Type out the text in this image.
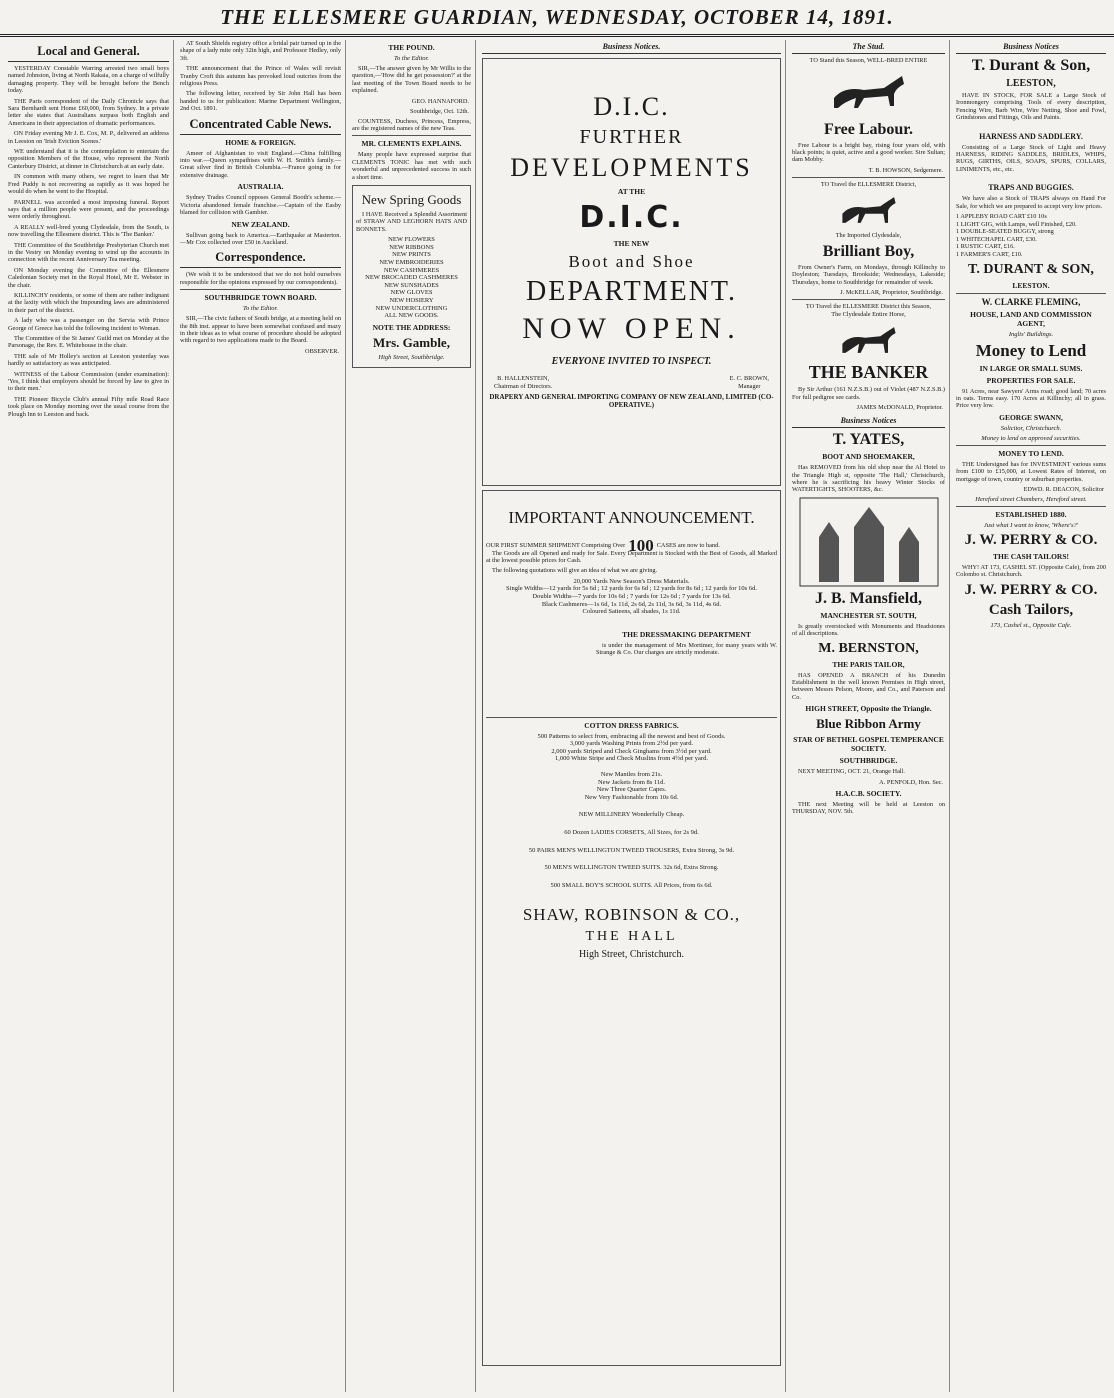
THE ELLESMERE GUARDIAN, WEDNESDAY, OCTOBER 14, 1891.
Local and General.

YESTERDAY Constable Warring arrested two small boys named Johnston, living at North Rakaia, on a charge of wilfully damaging property. They will be brought before the Bench today.

THE Paris correspondent of the Daily Chronicle says that Sara Bernhardt sent Home £60,000, from Sydney. In a private letter she states that Australians surpass both English and Americans in their appreciation of dramatic performances.

ON Friday evening Mr J. E. Cox, M. P., delivered an address in Leeston on 'Irish Eviction Scenes.'

WE understand that it is the contemplation to entertain the opposition Members of the House, who represent the North Canterbury District, at dinner in Christchurch at an early date.

IN common with many others, we regret to learn that Mr Fred Puddy is not recovering as rapidly as it was hoped he would do when he went to the Hospital.

PARNELL was accorded a most imposing funeral. Report says that a million people were present, and the proceedings were orderly throughout.

A REALLY well-bred young Clydesdale, from the South, is now travelling the Ellesmere district. This is 'The Banker.'

THE Committee of the Southbridge Presbyterian Church met in the Vestry on Monday evening to wind up the accounts in connection with the recent Anniversary Tea meeting.

ON Monday evening the Committee of the Ellesmere Caledonian Society met in the Royal Hotel, Mr E. Webster in the chair.

KILLINCHY residents, or some of them are rather indignant at the laxity with which the Impounding laws are administered in their part of the district.

A lady who was a passenger on the Servia with Prince George of Greece has told the following incident to Woman.

The Committee of the St James' Guild met on Monday at the Parsonage, the Rev. E. Whitehouse in the chair.

THE sale of Mr Holley's section at Leeston yesterday was hardly so satisfactory as was anticipated.

WITNESS of the Labour Commission (under examination): 'Yes, I think that employers should be forced by law to give in to their men.'

THE Pioneer Bicycle Club's annual Fifty mile Road Race took place on Monday morning over the usual course from the Plough Inn to Leeston and back.

AT South Shields registry office a bridal pair turned up in the shape of a lady mite only 32in high, and Professor Hedley, only 3ft.

THE announcement that the Prince of Wales will revisit Tranby Croft this autumn has provoked loud outcries from the religious Press.

The following letter, received by Sir John Hall has been handed to us for publication: Marine Department Wellington, 2nd Oct. 1891.

Concentrated Cable News.
HOME & FOREIGN.

Ameer of Afghanistan to visit England.—China fulfilling into war.—Queen sympathises with W. H. Smith's family.—Great silver find in British Columbia.—France going in for extensive drainage.

AUSTRALIA.

Sydney Trades Council opposes General Booth's scheme.—Victoria abandoned female franchise.—Captain of the Easby blamed for collision with Gambier.

NEW ZEALAND.

Sullivan going back to America.—Earthquake at Masterton.—Mr Cox collected over £50 in Auckland.

Correspondence.

(We wish it to be understood that we do not hold ourselves responsible for the opinions expressed by our correspondents).

SOUTHBRIDGE TOWN BOARD.
To the Editor.

SIR,—The civic fathers of South bridge, at a meeting held on the 8th inst. appear to have been somewhat confused and mazy in their ideas as to what course of procedure should be adopted with regard to two applications made to the Board.

OBSERVER.
THE POUND.
To the Editor.

SIR,—The answer given by Mr Willis to the question,—'How did he get possession?' at the last meeting of the Town Board needs to be explained.

GEO. HANNAFORD.
Southbridge, Oct. 12th.

COUNTESS, Duchess, Princess, Empress, are the registered names of the new Teas.

MR. CLEMENTS EXPLAINS.

Many people have expressed surprise that CLEMENTS TONIC has met with such wonderful and unprecedented success in such a short time.

New Spring Goods

I HAVE Received a Splendid Assortment of STRAW AND LEGHORN HATS AND BONNETS.

NEW FLOWERS
NEW RIBBONS
NEW PRINTS
NEW EMBROIDERIES
NEW CASHMERES
NEW BROCADED CASHMERES
NEW SUNSHADES
NEW GLOVES
NEW HOSIERY
NEW UNDERCLOTHING
ALL NEW GOODS.
NOTE THE ADDRESS:
Mrs. Gamble,
High Street, Southbridge.
Business Notices.
D.I.C.
FURTHER
DEVELOPMENTS
AT THE
D.I.C.
THE NEW
Boot and Shoe
DEPARTMENT.
NOW OPEN.
EVERYONE INVITED TO INSPECT.
B. HALLENSTEIN,
Chairman of Directors.
E. C. BROWN,
Manager
DRAPERY AND GENERAL IMPORTING COMPANY OF NEW ZEALAND, LIMITED (CO-OPERATIVE.)
IMPORTANT ANNOUNCEMENT.
OUR FIRST SUMMER SHIPMENT Comprising Over 100 CASES are now to hand.

The Goods are all Opened and ready for Sale. Every Department is Stocked with the Best of Goods, all Marked at the lowest possible prices for Cash.

The following quotations will give an idea of what we are giving.

20,000 Yards New Season's Dress Materials.
Single Widths—12 yards for 5s 6d ; 12 yards for 6s 6d ; 12 yards for 8s 6d ; 12 yards for 10s 6d.
Double Widths—7 yards for 10s 6d ; 7 yards for 12s 6d ; 7 yards for 13s 6d.
Black Cashmeres—1s 6d, 1s 11d, 2s 6d, 2s 11d, 3s 6d, 3s 11d, 4s 6d.
Coloured Satteens, all shades, 1s 11d.
THE DRESSMAKING DEPARTMENT

is under the management of Mrs Mortimer, for many years with W. Strange & Co. Our charges are strictly moderate.

COTTON DRESS FABRICS.
500 Patterns to select from, embracing all the newest and best of Goods.
3,000 yards Washing Prints from 2½d per yard.
2,000 yards Striped and Check Ginghams from 3½d per yard.
1,000 White Stripe and Check Muslins from 4½d per yard.
New Mantles from 21s.
New Jackets from 8s 11d.
New Three Quarter Capes.
New Very Fashionable from 10s 6d.
NEW MILLINERY Wonderfully Cheap.
60 Dozen LADIES CORSETS, All Sizes, for 2s 9d.
50 PAIRS MEN'S WELLINGTON TWEED TROUSERS, Extra Strong, 3s 9d.
50 MEN'S WELLINGTON TWEED SUITS. 32s 6d, Extra Strong.
500 SMALL BOY'S SCHOOL SUITS. All Prices, from 6s 6d.
SHAW, ROBINSON & CO.,
THE HALL
High Street, Christchurch.
The Stud.
TO Stand this Season, WELL-BRED ENTIRE
Free Labour.

Free Labour is a bright bay, rising four years old, with black points; is quiet, active and a good worker. Sire Sultan; dam Mobby.

T. B. HOWSON, Sedgemere.
TO Travel the ELLESMERE District,
The Imported Clydesdale,
Brilliant Boy,

From Owner's Farm, on Mondays, through Killinchy to Doyleston; Tuesdays, Brookside; Wednesdays, Lakeside; Thursdays, home to Southbridge for remainder of week.

J. McKELLAR, Proprietor, Southbridge.
TO Travel the ELLESMERE District this Season,
The Clydesdale Entire Horse,
THE BANKER

By Sir Arthur (161 N.Z.S.B.) out of Violet (487 N.Z.S.B.) For full pedigree see cards.

JAMES McDONALD, Proprietor.
Business Notices
T. YATES,
BOOT AND SHOEMAKER,

Has REMOVED from his old shop near the Al Hotel to the Triangle High st, opposite 'The Hall,' Christchurch, where he is sacrificing his heavy Winter Stocks of WATERTIGHTS, SHOOTERS, &c.

J. B. Mansfield,
MANCHESTER ST. SOUTH,

Is greatly overstocked with Monuments and Headstones of all descriptions.

M. BERNSTON,
THE PARIS TAILOR,

HAS OPENED A BRANCH of his Dunedin Establishment in the well known Premises in High street, between Messrs Pelson, Moore, and Co., and Paterson and Co.

HIGH STREET, Opposite the Triangle.
Blue Ribbon Army
STAR OF BETHEL GOSPEL TEMPERANCE SOCIETY.
SOUTHBRIDGE.

NEXT MEETING, OCT. 21, Orange Hall.

A. PENFOLD, Hon. Sec.
H.A.C.B. SOCIETY.

THE next Meeting will be held at Leeston on THURSDAY, NOV. 5th.

Business Notices
T. Durant & Son,
LEESTON,

HAVE IN STOCK, FOR SALE a Large Stock of Ironmongery comprising Tools of every description, Fencing Wire, Barb Wire, Wire Netting, Shoe and Fowl, Grindstones and Fittings, Oils and Paints.

HARNESS AND SADDLERY.

Consisting of a Large Stock of Light and Heavy HARNESS, RIDING SADDLES, BRIDLES, WHIPS, RUGS, GIRTHS, OILS, SOAPS, SPURS, COLLARS, LINIMENTS, etc., etc.

TRAPS AND BUGGIES.

We have also a Stock of TRAPS always on Hand For Sale, for which we are prepared to accept very low prices.

1 APPLEBY ROAD CART £10 10s
1 LIGHT GIG, with Lamps, well Finished, £20.
1 DOUBLE-SEATED BUGGY, strong
1 WHITECHAPEL CART, £30.
1 RUSTIC CART, £16.
1 FARMER'S CART, £10.
T. DURANT & SON,
LEESTON.
W. CLARKE FLEMING,
HOUSE, LAND AND COMMISSION AGENT,
Inglis' Buildings.
Money to Lend
IN LARGE OR SMALL SUMS.
PROPERTIES FOR SALE.

91 Acres, near Sawyers' Arms road; good land; 70 acres in oats. Terms easy. 170 Acres at Killinchy; all in grass. Price very low.

GEORGE SWANN,
Solicitor, Christchurch.
Money to lend on approved securities.
MONEY TO LEND.

THE Undersigned has for INVESTMENT various sums from £100 to £15,000, at Lowest Rates of Interest, on mortgage of town, country or suburban properties.

EDWD. R. DEACON, Solicitor
Hereford street Chambers, Hereford street.
ESTABLISHED 1880.
Just what I want to know, 'Where's?'
J. W. PERRY & CO.
THE CASH TAILORS!

WHY! AT 173, CASHEL ST. (Opposite Cafe), from 200 Colombo st. Christchurch.

J. W. PERRY & CO.
Cash Tailors,
173, Cashel st., Opposite Cafe.
